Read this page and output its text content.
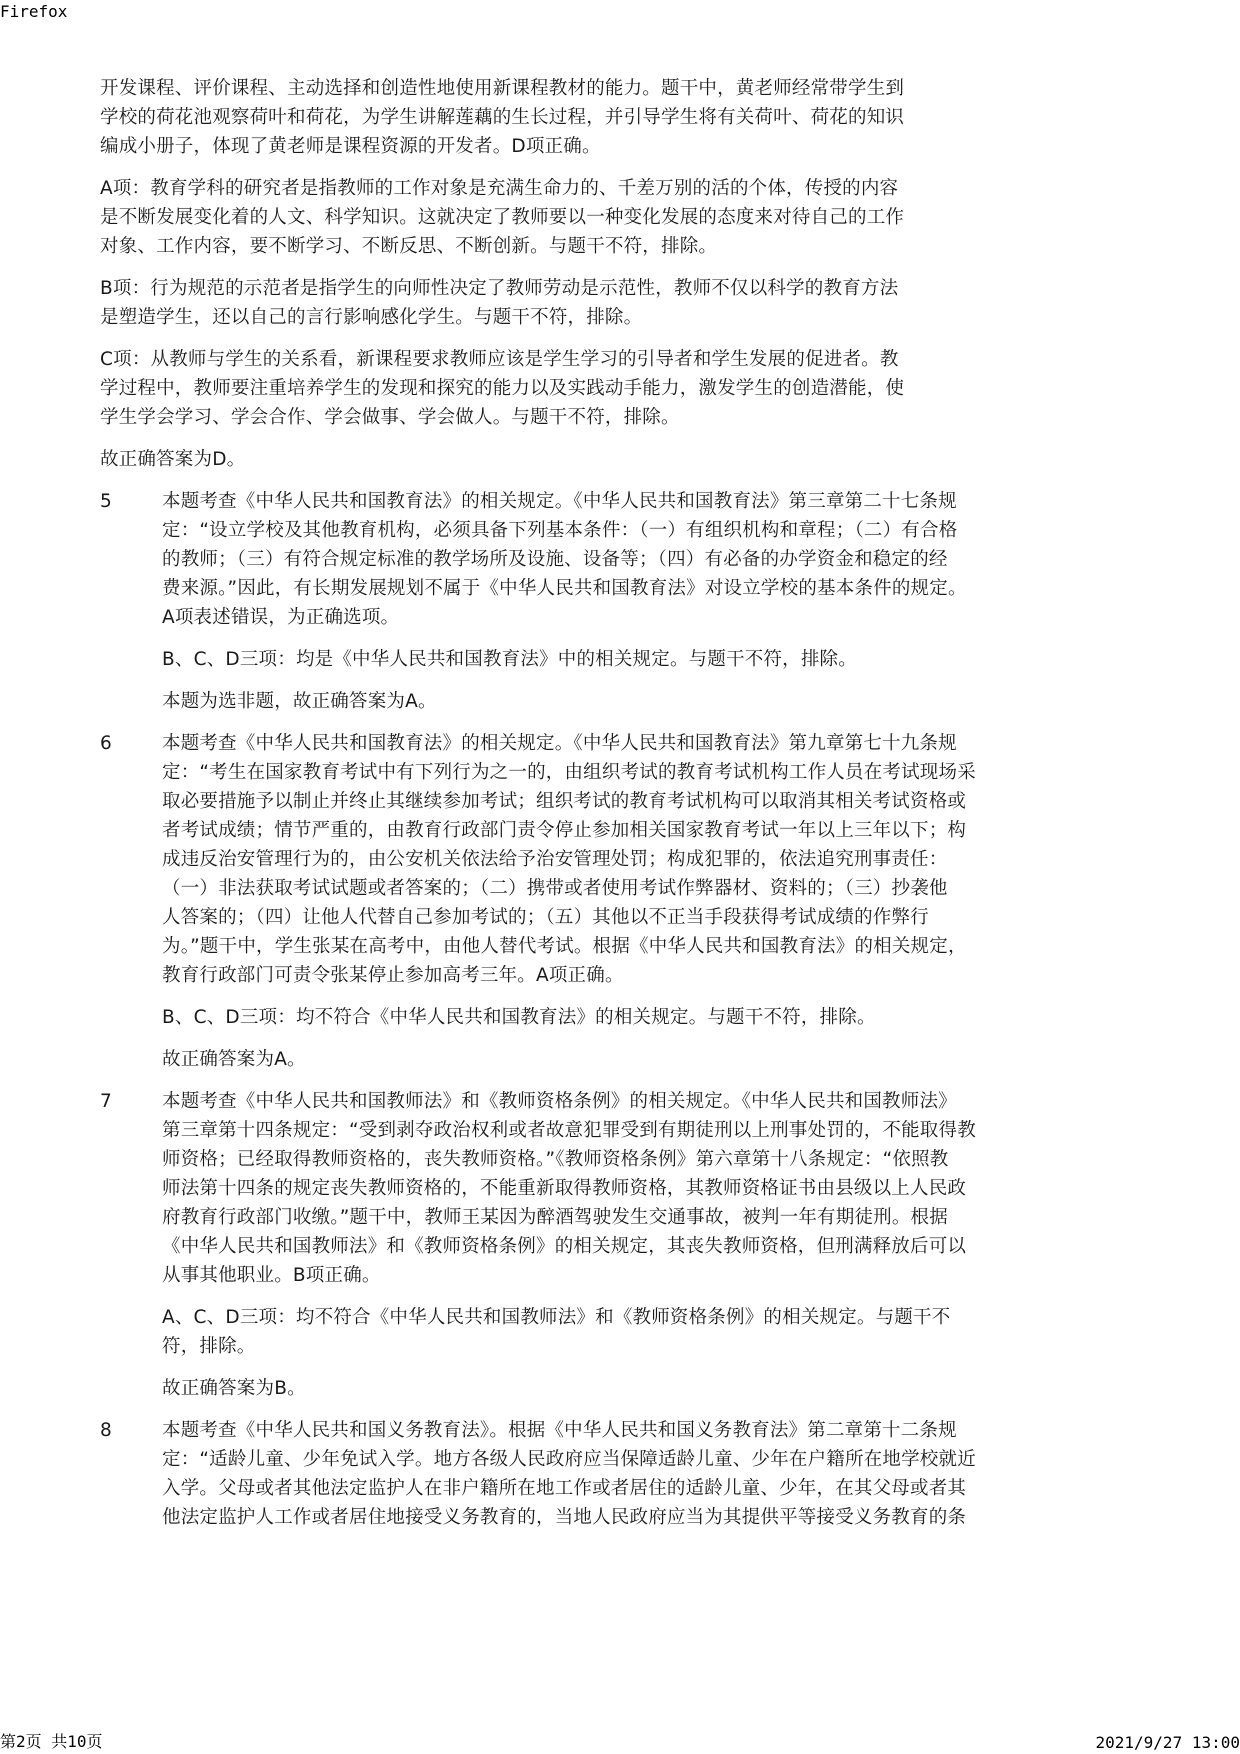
Firefox
开发课程、评价课程、主动选择和创造性地使用新课程教材的能力。题干中，黄老师经常带学生到
学校的荷花池观察荷叶和荷花，为学生讲解莲藕的生长过程，并引导学生将有关荷叶、荷花的知识
编成小册子，体现了黄老师是课程资源的开发者。D项正确。
A项：教育学科的研究者是指教师的工作对象是充满生命力的、千差万别的活的个体，传授的内容
是不断发展变化着的人文、科学知识。这就决定了教师要以一种变化发展的态度来对待自己的工作
对象、工作内容，要不断学习、不断反思、不断创新。与题干不符，排除。
B项：行为规范的示范者是指学生的向师性决定了教师劳动是示范性，教师不仅以科学的教育方法
是塑造学生，还以自己的言行影响感化学生。与题干不符，排除。
C项：从教师与学生的关系看，新课程要求教师应该是学生学习的引导者和学生发展的促进者。教
学过程中，教师要注重培养学生的发现和探究的能力以及实践动手能力，激发学生的创造潜能，使
学生学会学习、学会合作、学会做事、学会做人。与题干不符，排除。
故正确答案为D。
5	本题考查《中华人民共和国教育法》的相关规定。《中华人民共和国教育法》第三章第二十七条规
定：“设立学校及其他教育机构，必须具备下列基本条件：（一）有组织机构和章程；（二）有合格
的教师；（三）有符合规定标准的教学场所及设施、设备等；（四）有必备的办学资金和稳定的经
费来源。”因此，有长期发展规划不属于《中华人民共和国教育法》对设立学校的基本条件的规定。
A项表述错误，为正确选项。
B、C、D三项：均是《中华人民共和国教育法》中的相关规定。与题干不符，排除。
本题为选非题，故正确答案为A。
6	本题考查《中华人民共和国教育法》的相关规定。《中华人民共和国教育法》第九章第七十九条规
定：“考生在国家教育考试中有下列行为之一的，由组织考试的教育考试机构工作人员在考试现场采
取必要措施予以制止并终止其继续参加考试；组织考试的教育考试机构可以取消其相关考试资格或
者考试成绩；情节严重的，由教育行政部门责令停止参加相关国家教育考试一年以上三年以下；构
成违反治安管理行为的，由公安机关依法给予治安管理处罚；构成犯罪的，依法追究刑事责任：
（一）非法获取考试试题或者答案的；（二）携带或者使用考试作弊器材、资料的；（三）抄袭他
人答案的；（四）让他人代替自己参加考试的；（五）其他以不正当手段获得考试成绩的作弊行
为。”题干中，学生张某在高考中，由他人替代考试。根据《中华人民共和国教育法》的相关规定，
教育行政部门可责令张某停止参加高考三年。A项正确。
B、C、D三项：均不符合《中华人民共和国教育法》的相关规定。与题干不符，排除。
故正确答案为A。
7	本题考查《中华人民共和国教师法》和《教师资格条例》的相关规定。《中华人民共和国教师法》
第三章第十四条规定：“受到剥夺政治权利或者故意犯罪受到有期徒刑以上刑事处罚的，不能取得教
师资格；已经取得教师资格的，丧失教师资格。”《教师资格条例》第六章第十八条规定：“依照教
师法第十四条的规定丧失教师资格的，不能重新取得教师资格，其教师资格证书由县级以上人民政
府教育行政部门收缴。”题干中，教师王某因为醉酒驾驶发生交通事故，被判一年有期徒刑。根据
《中华人民共和国教师法》和《教师资格条例》的相关规定，其丧失教师资格，但刑满释放后可以
从事其他职业。B项正确。
A、C、D三项：均不符合《中华人民共和国教师法》和《教师资格条例》的相关规定。与题干不
符，排除。
故正确答案为B。
8	本题考查《中华人民共和国义务教育法》。根据《中华人民共和国义务教育法》第二章第十二条规
定：“适龄儿童、少年免试入学。地方各级人民政府应当保障适龄儿童、少年在户籍所在地学校就近
入学。父母或者其他法定监护人在非户籍所在地工作或者居住的适龄儿童、少年，在其父母或者其
他法定监护人工作或者居住地接受义务教育的，当地人民政府应当为其提供平等接受义务教育的条
第2页 共10页	2021/9/27 13:00
